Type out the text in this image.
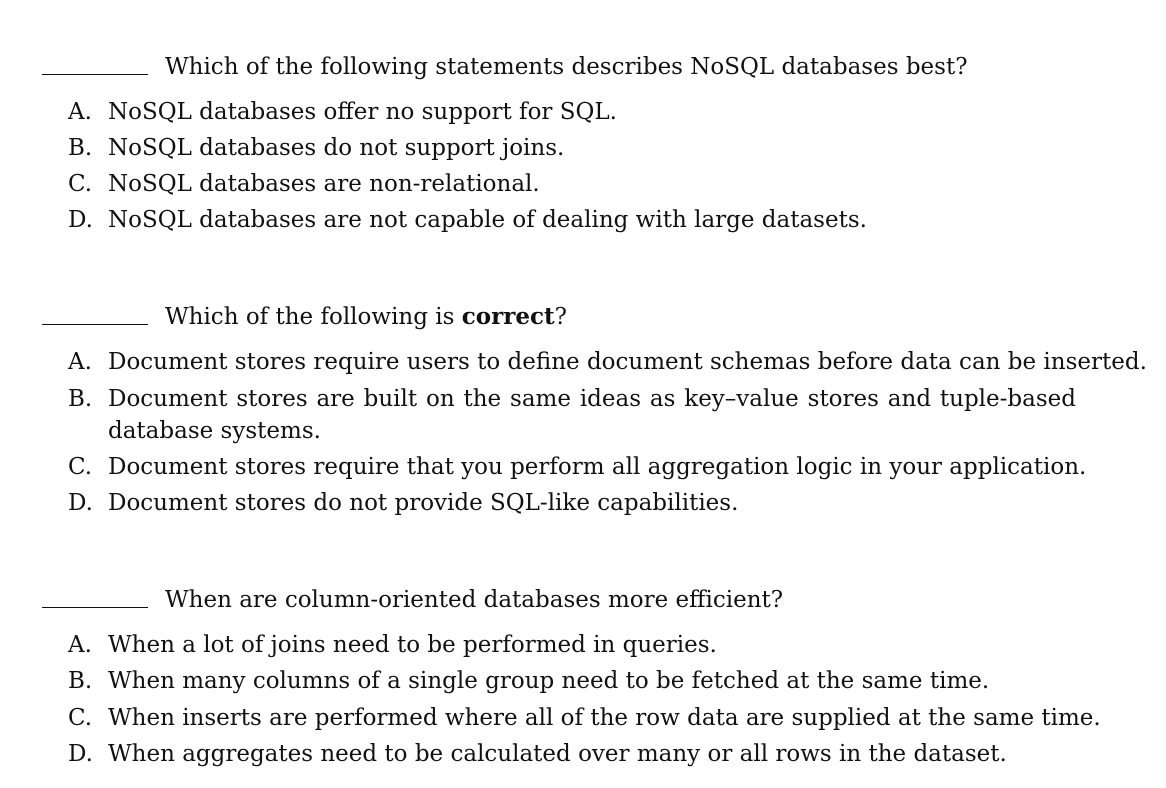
Which of the following statements describes NoSQL databases best?
A. NoSQL databases offer no support for SQL.
B. NoSQL databases do not support joins.
C. NoSQL databases are non-relational.
D. NoSQL databases are not capable of dealing with large datasets.
Which of the following is correct?
A. Document stores require users to define document schemas before data can be inserted.
B. Document stores are built on the same ideas as key–value stores and tuple-based database systems.
C. Document stores require that you perform all aggregation logic in your application.
D. Document stores do not provide SQL-like capabilities.
When are column-oriented databases more efficient?
A. When a lot of joins need to be performed in queries.
B. When many columns of a single group need to be fetched at the same time.
C. When inserts are performed where all of the row data are supplied at the same time.
D. When aggregates need to be calculated over many or all rows in the dataset.
